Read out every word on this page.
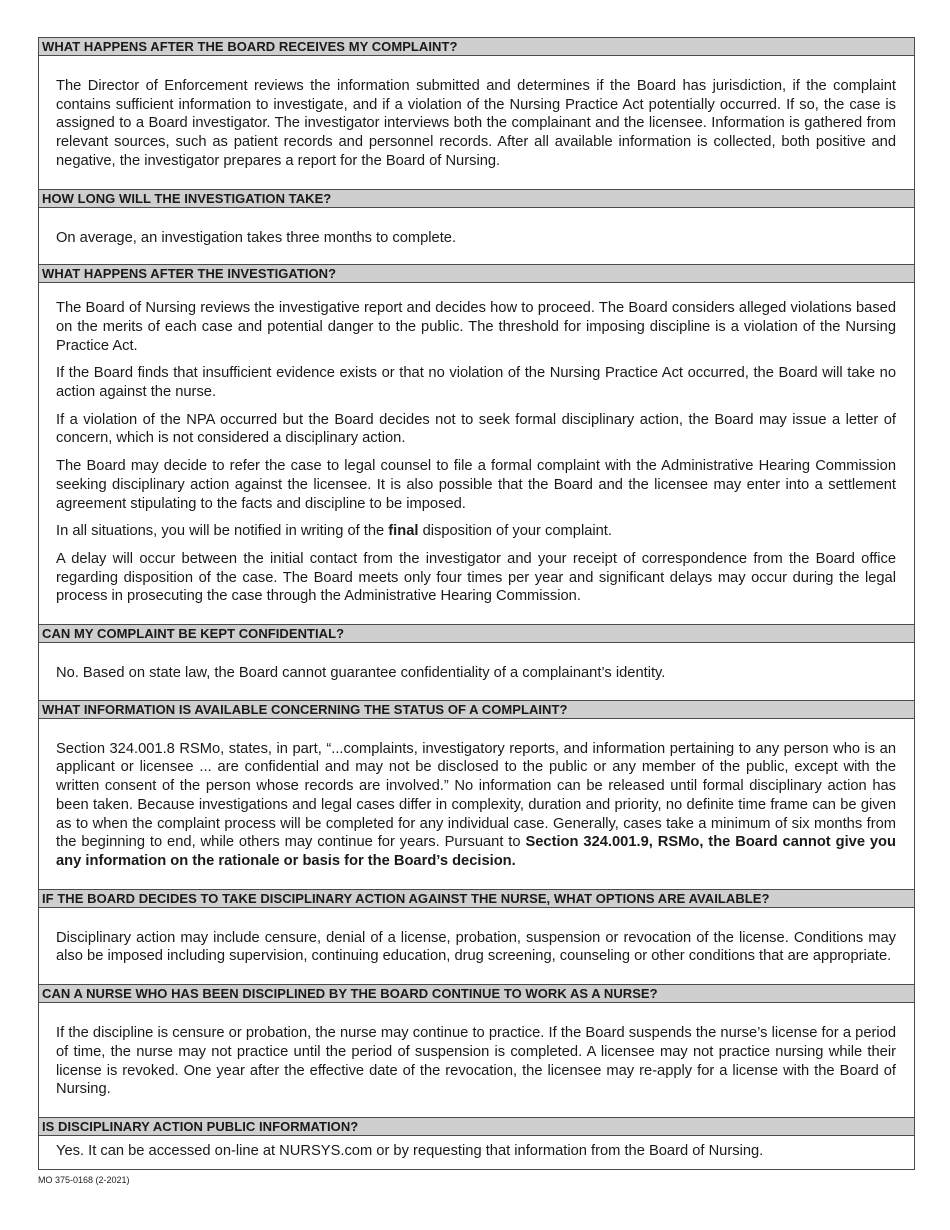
WHAT HAPPENS AFTER THE BOARD RECEIVES MY COMPLAINT?

The Director of Enforcement reviews the information submitted and determines if the Board has jurisdiction, if the complaint contains sufficient information to investigate, and if a violation of the Nursing Practice Act potentially occurred. If so, the case is assigned to a Board investigator. The investigator interviews both the complainant and the licensee. Information is gathered from relevant sources, such as patient records and personnel records. After all available information is collected, both positive and negative, the investigator prepares a report for the Board of Nursing.

HOW LONG WILL THE INVESTIGATION TAKE?

On average, an investigation takes three months to complete.

WHAT HAPPENS AFTER THE INVESTIGATION?

The Board of Nursing reviews the investigative report and decides how to proceed. The Board considers alleged violations based on the merits of each case and potential danger to the public. The threshold for imposing discipline is a violation of the Nursing Practice Act.

If the Board finds that insufficient evidence exists or that no violation of the Nursing Practice Act occurred, the Board will take no action against the nurse.

If a violation of the NPA occurred but the Board decides not to seek formal disciplinary action, the Board may issue a letter of concern, which is not considered a disciplinary action.

The Board may decide to refer the case to legal counsel to file a formal complaint with the Administrative Hearing Commission seeking disciplinary action against the licensee. It is also possible that the Board and the licensee may enter into a settlement agreement stipulating to the facts and discipline to be imposed.

In all situations, you will be notified in writing of the final disposition of your complaint.

A delay will occur between the initial contact from the investigator and your receipt of correspondence from the Board office regarding disposition of the case. The Board meets only four times per year and significant delays may occur during the legal process in prosecuting the case through the Administrative Hearing Commission.

CAN MY COMPLAINT BE KEPT CONFIDENTIAL?

No. Based on state law, the Board cannot guarantee confidentiality of a complainant’s identity.

WHAT INFORMATION IS AVAILABLE CONCERNING THE STATUS OF A COMPLAINT?

Section 324.001.8 RSMo, states, in part, “...complaints, investigatory reports, and information pertaining to any person who is an applicant or licensee ... are confidential and may not be disclosed to the public or any member of the public, except with the written consent of the person whose records are involved.” No information can be released until formal disciplinary action has been taken. Because investigations and legal cases differ in complexity, duration and priority, no definite time frame can be given as to when the complaint process will be completed for any individual case. Generally, cases take a minimum of six months from the beginning to end, while others may continue for years. Pursuant to Section 324.001.9, RSMo, the Board cannot give you any information on the rationale or basis for the Board’s decision.

IF THE BOARD DECIDES TO TAKE DISCIPLINARY ACTION AGAINST THE NURSE, WHAT OPTIONS ARE AVAILABLE?

Disciplinary action may include censure, denial of a license, probation, suspension or revocation of the license. Conditions may also be imposed including supervision, continuing education, drug screening, counseling or other conditions that are appropriate.

CAN A NURSE WHO HAS BEEN DISCIPLINED BY THE BOARD CONTINUE TO WORK AS A NURSE?

If the discipline is censure or probation, the nurse may continue to practice. If the Board suspends the nurse’s license for a period of time, the nurse may not practice until the period of suspension is completed. A licensee may not practice nursing while their license is revoked. One year after the effective date of the revocation, the licensee may re-apply for a license with the Board of Nursing.

IS DISCIPLINARY ACTION PUBLIC INFORMATION?

Yes. It can be accessed on-line at NURSYS.com or by requesting that information from the Board of Nursing.

MO 375-0168 (2-2021)
